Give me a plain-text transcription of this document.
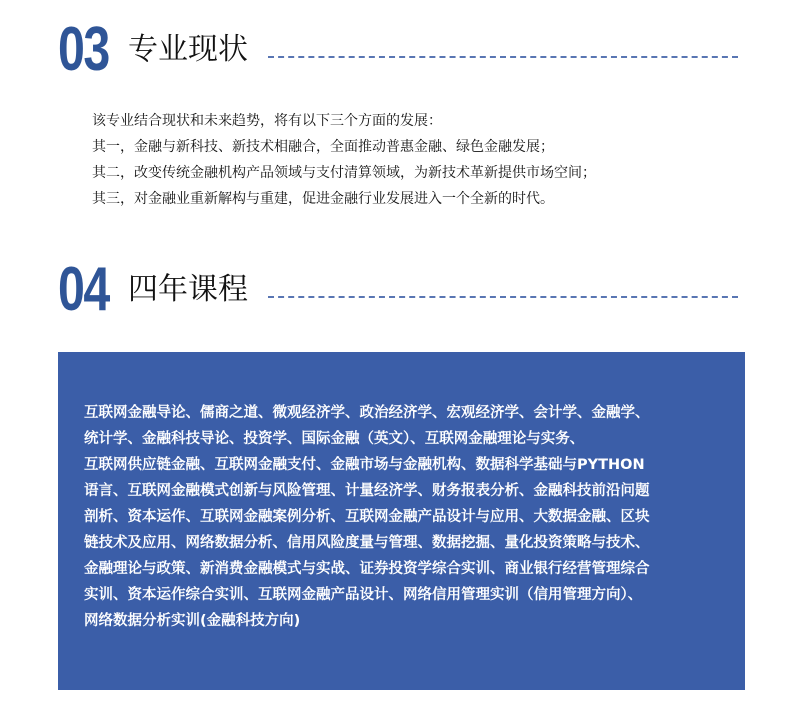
03 专业现状

该专业结合现状和未来趋势，将有以下三个方面的发展：

其一，金融与新科技、新技术相融合，全面推动普惠金融、绿色金融发展；

其二，改变传统金融机构产品领域与支付清算领域，为新技术革新提供市场空间；

其三，对金融业重新解构与重建，促进金融行业发展进入一个全新的时代。

04 四年课程

互联网金融导论、儒商之道、微观经济学、政治经济学、宏观经济学、会计学、金融学、
统计学、金融科技导论、投资学、国际金融（英文）、互联网金融理论与实务、
互联网供应链金融、互联网金融支付、金融市场与金融机构、数据科学基础与PYTHON
语言、互联网金融模式创新与风险管理、计量经济学、财务报表分析、金融科技前沿问题
剖析、资本运作、互联网金融案例分析、互联网金融产品设计与应用、大数据金融、区块
链技术及应用、网络数据分析、信用风险度量与管理、数据挖掘、量化投资策略与技术、
金融理论与政策、新消费金融模式与实战、证券投资学综合实训、商业银行经营管理综合
实训、资本运作综合实训、互联网金融产品设计、网络信用管理实训（信用管理方向）、
网络数据分析实训(金融科技方向)
